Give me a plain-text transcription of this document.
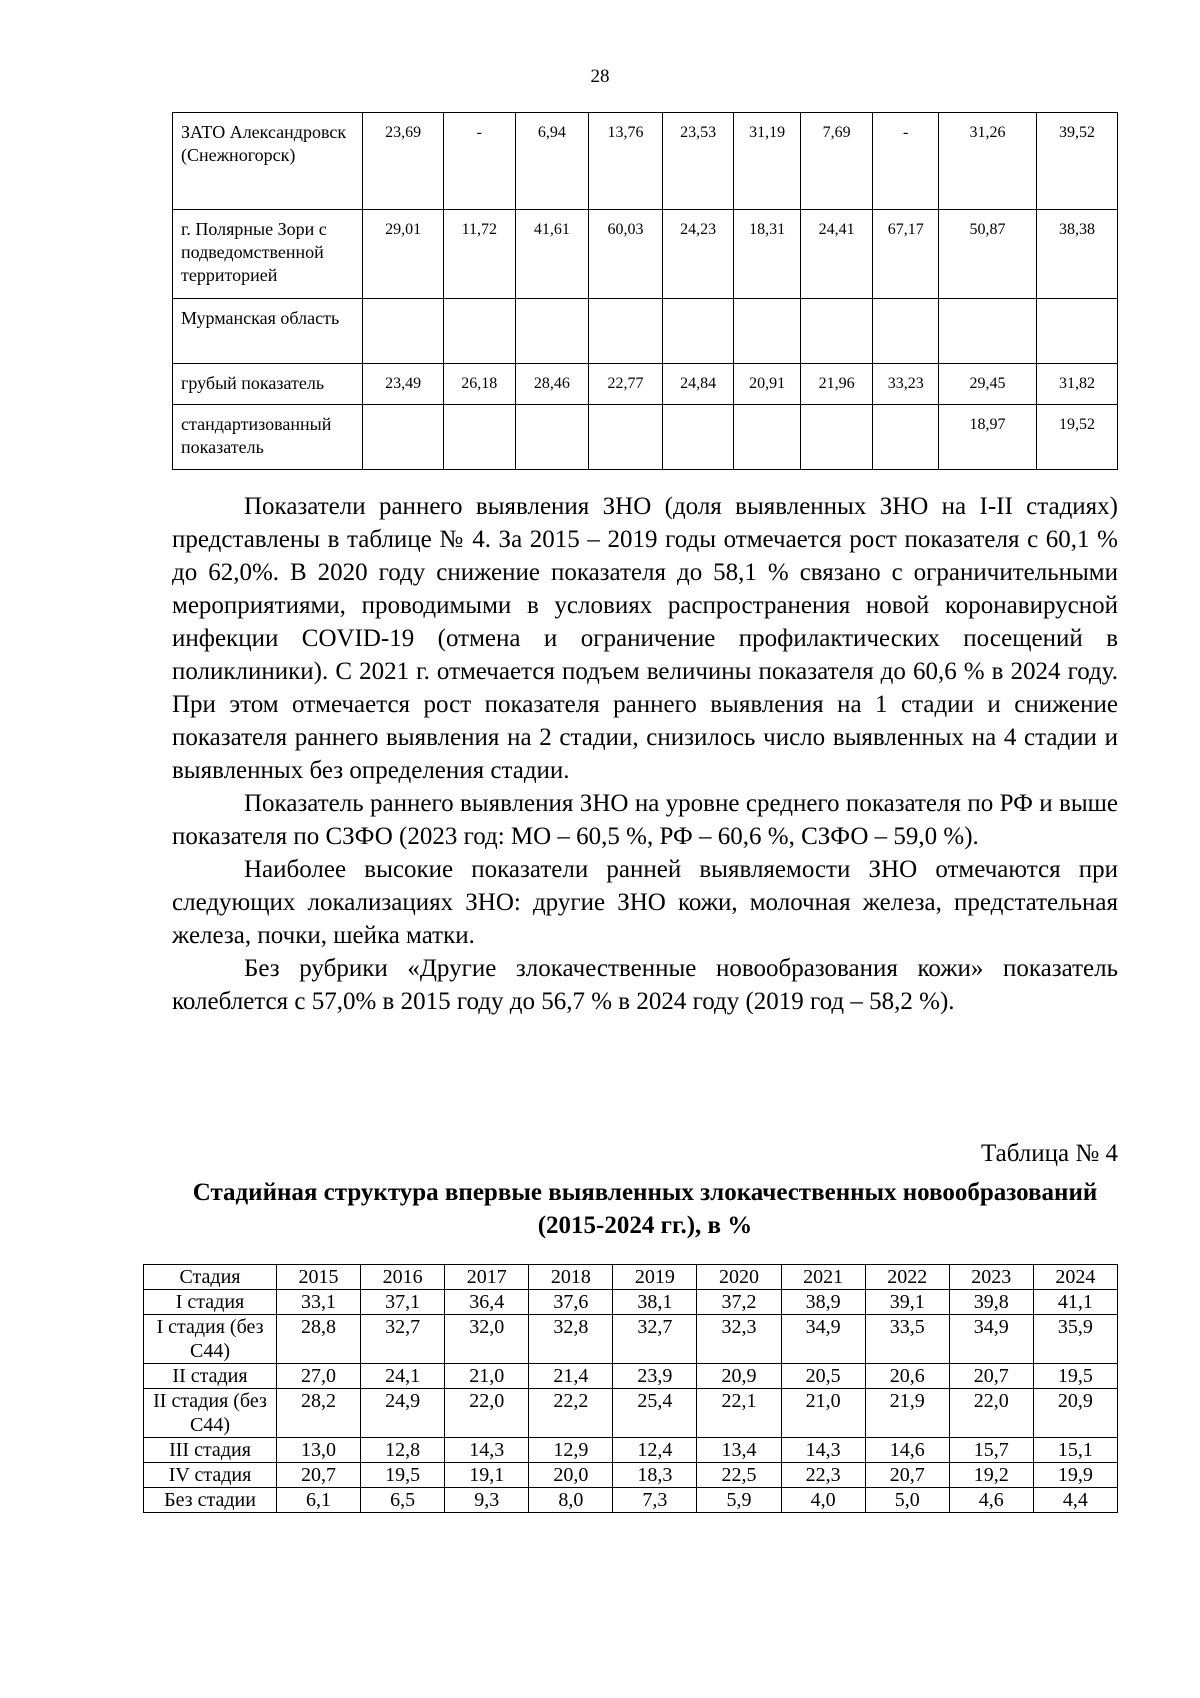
28
ЗАТО Александровск (Снежногорск)	23,69	-	6,94	13,76	23,53	31,19	7,69	-	31,26	39,52
г. Полярные Зори с подведомственной территорией	29,01	11,72	41,61	60,03	24,23	18,31	24,41	67,17	50,87	38,38
Мурманская область										
грубый показатель	23,49	26,18	28,46	22,77	24,84	20,91	21,96	33,23	29,45	31,82
стандартизованный показатель									18,97	19,52

Показатели раннего выявления ЗНО (доля выявленных ЗНО на I-II стадиях) представлены в таблице № 4. За 2015 – 2019 годы отмечается рост показателя с 60,1 % до 62,0%. В 2020 году снижение показателя до 58,1 % связано с ограничительными мероприятиями, проводимыми в условиях распространения новой коронавирусной инфекции COVID-19 (отмена и ограничение профилактических посещений в поликлиники). С 2021 г. отмечается подъем величины показателя до 60,6 % в 2024 году. При этом отмечается рост показателя раннего выявления на 1 стадии и снижение показателя раннего выявления на 2 стадии, снизилось число выявленных на 4 стадии и выявленных без определения стадии.

Показатель раннего выявления ЗНО на уровне среднего показателя по РФ и выше показателя по СЗФО (2023 год: МО – 60,5 %, РФ – 60,6 %, СЗФО – 59,0 %).

Наиболее высокие показатели ранней выявляемости ЗНО отмечаются при следующих локализациях ЗНО: другие ЗНО кожи, молочная железа, предстательная железа, почки, шейка матки.

Без рубрики «Другие злокачественные новообразования кожи» показатель колеблется с 57,0% в 2015 году до 56,7 % в 2024 году (2019 год – 58,2 %).

Таблица № 4
Стадийная структура впервые выявленных злокачественных новообразований (2015-2024 гг.), в %
Стадия	2015	2016	2017	2018	2019	2020	2021	2022	2023	2024
I стадия	33,1	37,1	36,4	37,6	38,1	37,2	38,9	39,1	39,8	41,1
I стадия (без С44)	28,8	32,7	32,0	32,8	32,7	32,3	34,9	33,5	34,9	35,9
II стадия	27,0	24,1	21,0	21,4	23,9	20,9	20,5	20,6	20,7	19,5
II стадия (без С44)	28,2	24,9	22,0	22,2	25,4	22,1	21,0	21,9	22,0	20,9
III стадия	13,0	12,8	14,3	12,9	12,4	13,4	14,3	14,6	15,7	15,1
IV стадия	20,7	19,5	19,1	20,0	18,3	22,5	22,3	20,7	19,2	19,9
Без стадии	6,1	6,5	9,3	8,0	7,3	5,9	4,0	5,0	4,6	4,4
